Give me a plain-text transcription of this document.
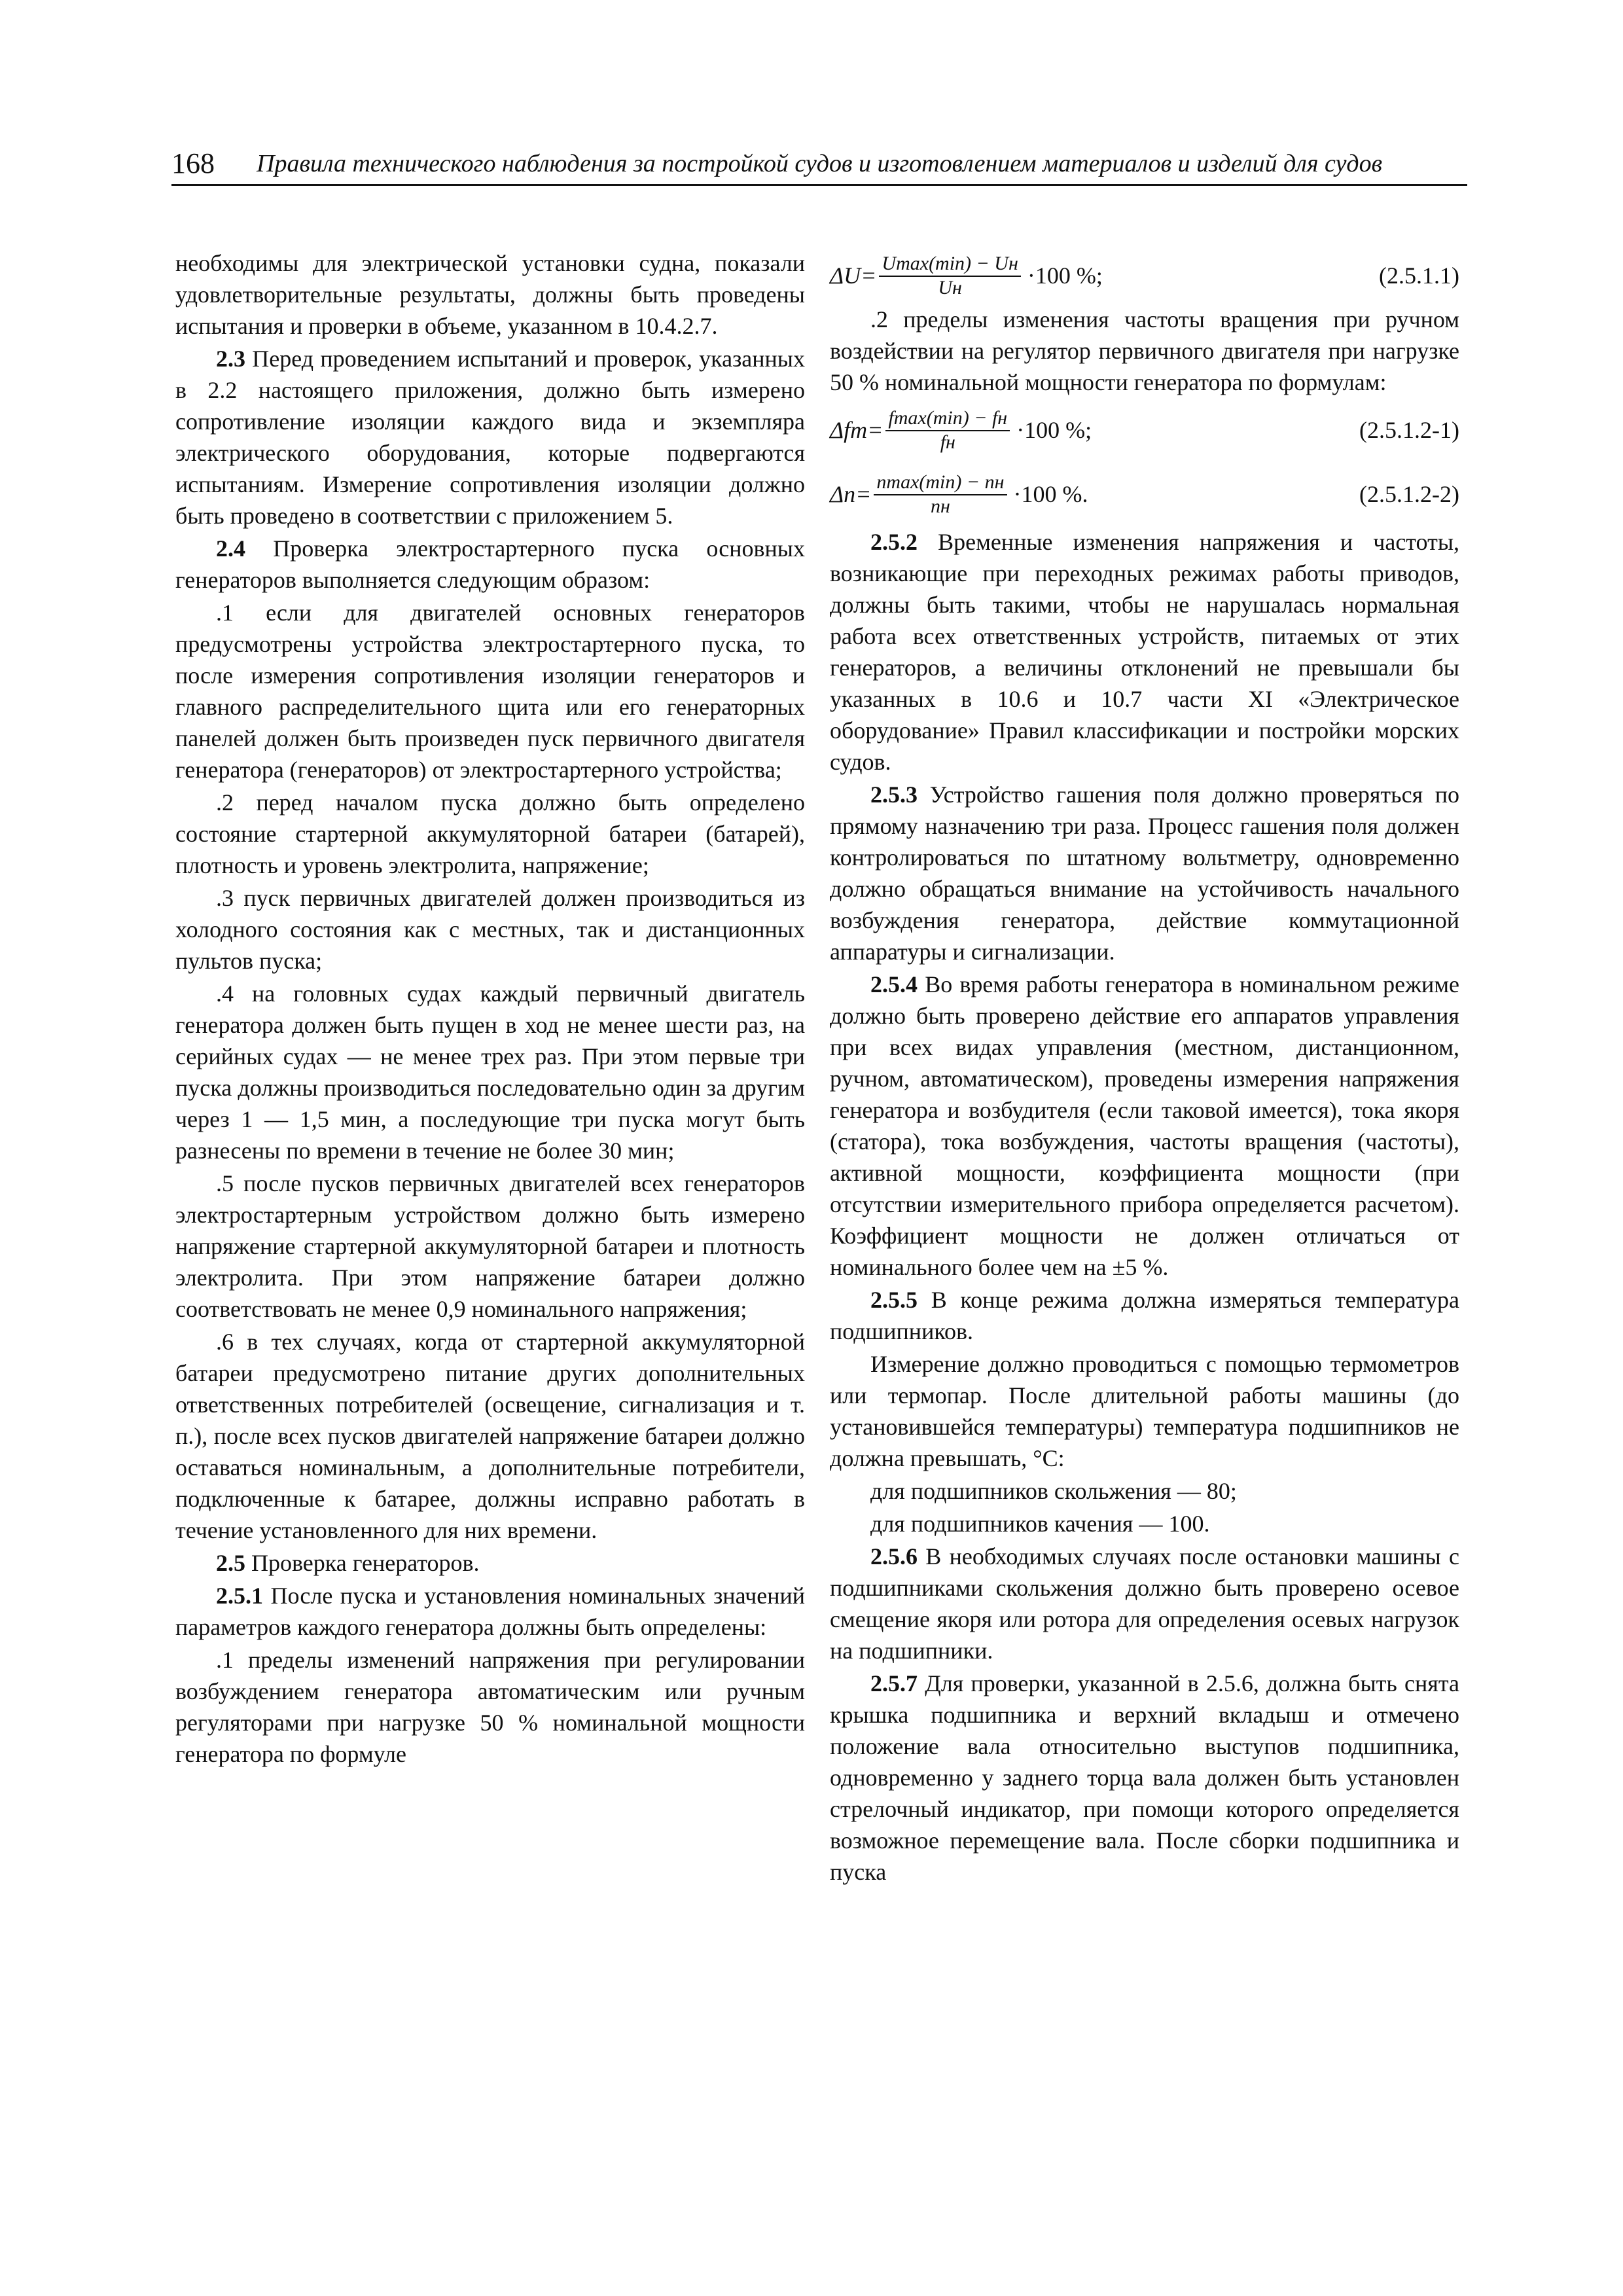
168 Правила технического наблюдения за постройкой судов и изготовлением материалов и изделий для судов

необходимы для электрической установки судна, показали удовлетворительные результаты, должны быть проведены испытания и проверки в объеме, указанном в 10.4.2.7.

2.3 Перед проведением испытаний и проверок, указанных в 2.2 настоящего приложения, должно быть измерено сопротивление изоляции каждого вида и экземпляра электрического оборудования, которые подвергаются испытаниям. Измерение сопротивления изоляции должно быть проведено в соответствии с приложением 5.

2.4 Проверка электростартерного пуска основных генераторов выполняется следующим образом:

.1 если для двигателей основных генераторов предусмотрены устройства электростартерного пуска, то после измерения сопротивления изоляции генераторов и главного распределительного щита или его генераторных панелей должен быть произведен пуск первичного двигателя генератора (генераторов) от электростартерного устройства;

.2 перед началом пуска должно быть определено состояние стартерной аккумуляторной батареи (батарей), плотность и уровень электролита, напряжение;

.3 пуск первичных двигателей должен производиться из холодного состояния как с местных, так и дистанционных пультов пуска;

.4 на головных судах каждый первичный двигатель генератора должен быть пущен в ход не менее шести раз, на серийных судах — не менее трех раз. При этом первые три пуска должны производиться последовательно один за другим через 1 — 1,5 мин, а последующие три пуска могут быть разнесены по времени в течение не более 30 мин;

.5 после пусков первичных двигателей всех генераторов электростартерным устройством должно быть измерено напряжение стартерной аккумуляторной батареи и плотность электролита. При этом напряжение батареи должно соответствовать не менее 0,9 номинального напряжения;

.6 в тех случаях, когда от стартерной аккумуляторной батареи предусмотрено питание других дополнительных ответственных потребителей (освещение, сигнализация и т. п.), после всех пусков двигателей напряжение батареи должно оставаться номинальным, а дополнительные потребители, подключенные к батарее, должны исправно работать в течение установленного для них времени.

2.5 Проверка генераторов.

2.5.1 После пуска и установления номинальных значений параметров каждого генератора должны быть определены:

.1 пределы изменений напряжения при регулировании возбуждением генератора автоматическим или ручным регуляторами при нагрузке 50 % номинальной мощности генератора по формуле

$\Delta U= \frac{Umax(\min) - Uн}{Uн} \cdot 100$ %;	(2.5.1.1)

.2 пределы изменения частоты вращения при ручном воздействии на регулятор первичного двигателя при нагрузке 50 % номинальной мощности генератора по формулам:

$\Delta fт= \frac{fmax(\min) - fн}{fн} \cdot 100$ %;	(2.5.1.2-1)
$\Delta n= \frac{nmax(\min) - nн}{nн} \cdot 100$ %.	(2.5.1.2-2)

2.5.2 Временные изменения напряжения и частоты, возникающие при переходных режимах работы приводов, должны быть такими, чтобы не нарушалась нормальная работа всех ответственных устройств, питаемых от этих генераторов, а величины отклонений не превышали бы указанных в 10.6 и 10.7 части XI «Электрическое оборудование» Правил классификации и постройки морских судов.

2.5.3 Устройство гашения поля должно проверяться по прямому назначению три раза. Процесс гашения поля должен контролироваться по штатному вольтметру, одновременно должно обращаться внимание на устойчивость начального возбуждения генератора, действие коммутационной аппаратуры и сигнализации.

2.5.4 Во время работы генератора в номинальном режиме должно быть проверено действие его аппаратов управления при всех видах управления (местном, дистанционном, ручном, автоматическом), проведены измерения напряжения генератора и возбудителя (если таковой имеется), тока якоря (статора), тока возбуждения, частоты вращения (частоты), активной мощности, коэффициента мощности (при отсутствии измерительного прибора определяется расчетом). Коэффициент мощности не должен отличаться от номинального более чем на ±5 %.

2.5.5 В конце режима должна измеряться температура подшипников.

Измерение должно проводиться с помощью термометров или термопар. После длительной работы машины (до установившейся температуры) температура подшипников не должна превышать, °С:

для подшипников скольжения — 80;

для подшипников качения — 100.

2.5.6 В необходимых случаях после остановки машины с подшипниками скольжения должно быть проверено осевое смещение якоря или ротора для определения осевых нагрузок на подшипники.

2.5.7 Для проверки, указанной в 2.5.6, должна быть снята крышка подшипника и верхний вкладыш и отмечено положение вала относительно выступов подшипника, одновременно у заднего торца вала должен быть установлен стрелочный индикатор, при помощи которого определяется возможное перемещение вала. После сборки подшипника и пуска
